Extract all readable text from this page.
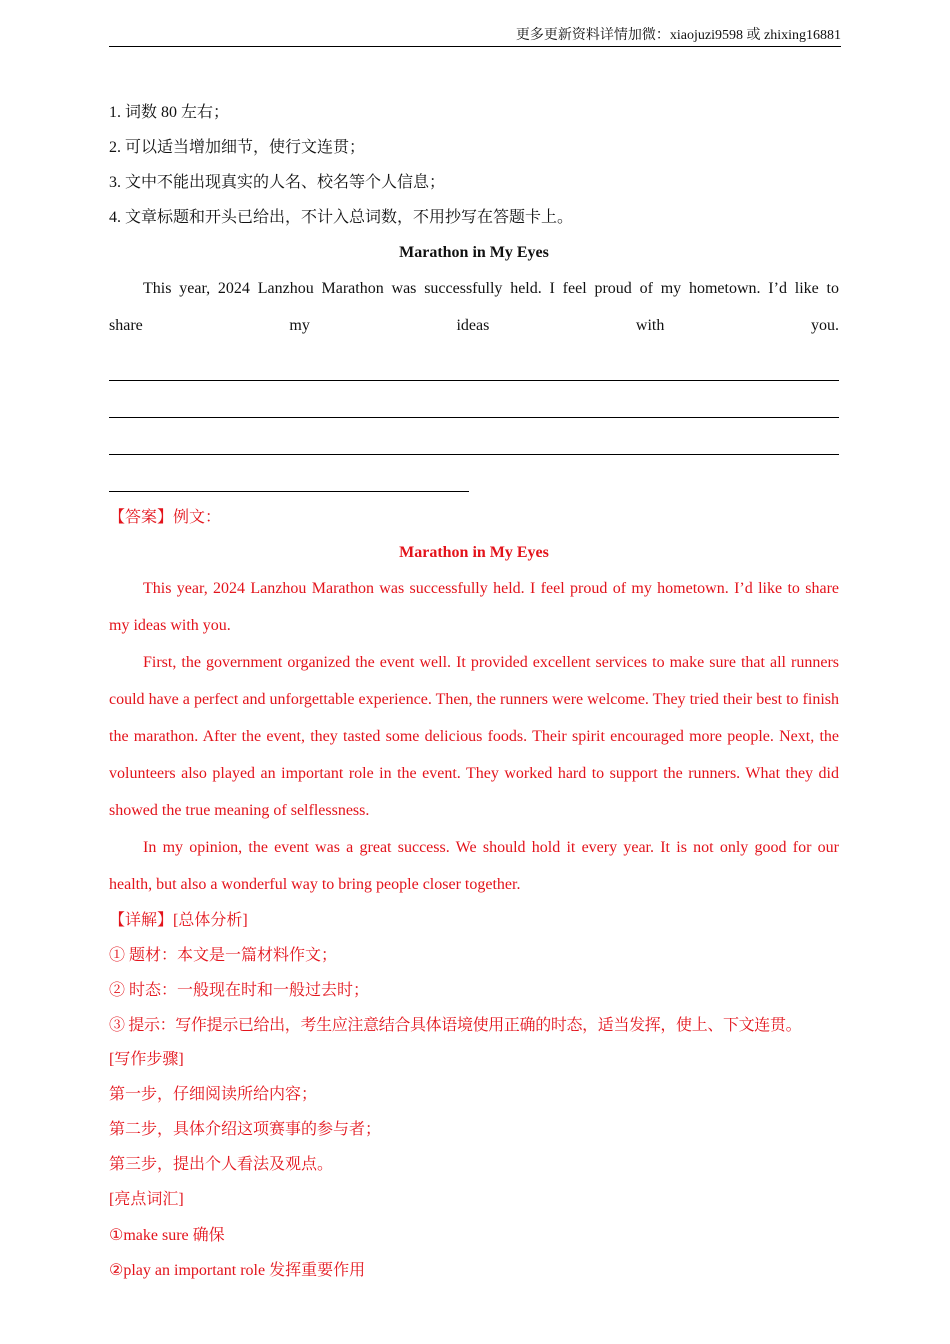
更多更新资料详情加微：xiaojuzi9598 或 zhixing16881
1. 词数 80 左右；
2. 可以适当增加细节，使行文连贯；
3. 文中不能出现真实的人名、校名等个人信息；
4. 文章标题和开头已给出，不计入总词数，不用抄写在答题卡上。
Marathon in My Eyes
This year, 2024 Lanzhou Marathon was successfully held. I feel proud of my hometown. I’d like to
share	my	ideas	with	you.
【答案】例文：
Marathon in My Eyes
This year, 2024 Lanzhou Marathon was successfully held. I feel proud of my hometown. I’d like to share my ideas with you.
First, the government organized the event well. It provided excellent services to make sure that all runners could have a perfect and unforgettable experience. Then, the runners were welcome. They tried their best to finish the marathon. After the event, they tasted some delicious foods. Their spirit encouraged more people. Next, the volunteers also played an important role in the event. They worked hard to support the runners. What they did showed the true meaning of selflessness.
In my opinion, the event was a great success. We should hold it every year. It is not only good for our health, but also a wonderful way to bring people closer together.
【详解】[总体分析]
① 题材：本文是一篇材料作文；
② 时态：一般现在时和一般过去时；
③ 提示：写作提示已给出，考生应注意结合具体语境使用正确的时态，适当发挥，使上、下文连贯。
[写作步骤]
第一步，仔细阅读所给内容；
第二步，具体介绍这项赛事的参与者；
第三步，提出个人看法及观点。
[亮点词汇]
①make sure 确保
②play an important role 发挥重要作用
